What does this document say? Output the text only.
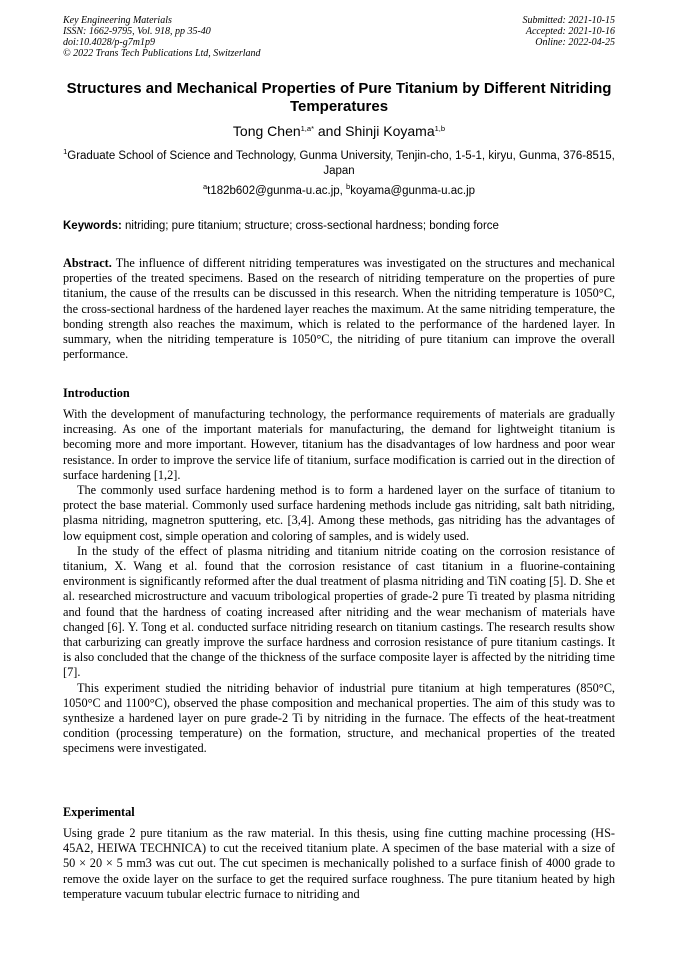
Key Engineering Materials
ISSN: 1662-9795, Vol. 918, pp 35-40
doi:10.4028/p-g7m1p9
© 2022 Trans Tech Publications Ltd, Switzerland
Submitted: 2021-10-15
Accepted: 2021-10-16
Online: 2022-04-25
Structures and Mechanical Properties of Pure Titanium by Different Nitriding Temperatures
Tong Chen$^{1,a*}$ and Shinji Koyama$^{1,b}$
$^1$Graduate School of Science and Technology, Gunma University, Tenjin-cho, 1-5-1, kiryu, Gunma, 376-8515, Japan
$^a$t182b602@gunma-u.ac.jp, $^b$koyama@gunma-u.ac.jp
Keywords: nitriding; pure titanium; structure; cross-sectional hardness; bonding force

Abstract. The influence of different nitriding temperatures was investigated on the structures and mechanical properties of the treated specimens. Based on the research of nitriding temperature on the properties of pure titanium, the cause of the rresults can be discussed in this research. When the nitriding temperature is 1050°C, the cross-sectional hardness of the hardened layer reaches the maximum. At the same nitriding temperature, the bonding strength also reaches the maximum, which is related to the performance of the hardened layer. In summary, when the nitriding temperature is 1050°C, the nitriding of pure titanium can improve the overall performance.

Introduction

With the development of manufacturing technology, the performance requirements of materials are gradually increasing. As one of the important materials for manufacturing, the demand for lightweight titanium is becoming more and more important. However, titanium has the disadvantages of low hardness and poor wear resistance. In order to improve the service life of titanium, surface modification is carried out in the direction of surface hardening [1,2].

The commonly used surface hardening method is to form a hardened layer on the surface of titanium to protect the base material. Commonly used surface hardening methods include gas nitriding, salt bath nitriding, plasma nitriding, magnetron sputtering, etc. [3,4]. Among these methods, gas nitriding has the advantages of low equipment cost, simple operation and coloring of samples, and is widely used.

In the study of the effect of plasma nitriding and titanium nitride coating on the corrosion resistance of titanium, X. Wang et al. found that the corrosion resistance of cast titanium in a fluorine-containing environment is significantly reformed after the dual treatment of plasma nitriding and TiN coating [5]. D. She et al. researched microstructure and vacuum tribological properties of grade-2 pure Ti treated by plasma nitriding and found that the hardness of coating increased after nitriding and the wear mechanism of materials have changed [6]. Y. Tong et al. conducted surface nitriding research on titanium castings. The research results show that carburizing can greatly improve the surface hardness and corrosion resistance of pure titanium castings. It is also concluded that the change of the thickness of the surface composite layer is affected by the nitriding time [7].

This experiment studied the nitriding behavior of industrial pure titanium at high temperatures (850°C, 1050°C and 1100°C), observed the phase composition and mechanical properties. The aim of this study was to synthesize a hardened layer on pure grade-2 Ti by nitriding in the furnace. The effects of the heat-treatment condition (processing temperature) on the formation, structure, and mechanical properties of the treated specimens were investigated.

Experimental

Using grade 2 pure titanium as the raw material. In this thesis, using fine cutting machine processing (HS-45A2, HEIWA TECHNICA) to cut the received titanium plate. A specimen of the base material with a size of 50 × 20 × 5 mm3 was cut out. The cut specimen is mechanically polished to a surface finish of 4000 grade to remove the oxide layer on the surface to get the required surface roughness. The pure titanium heated by high temperature vacuum tubular electric furnace to nitriding and
